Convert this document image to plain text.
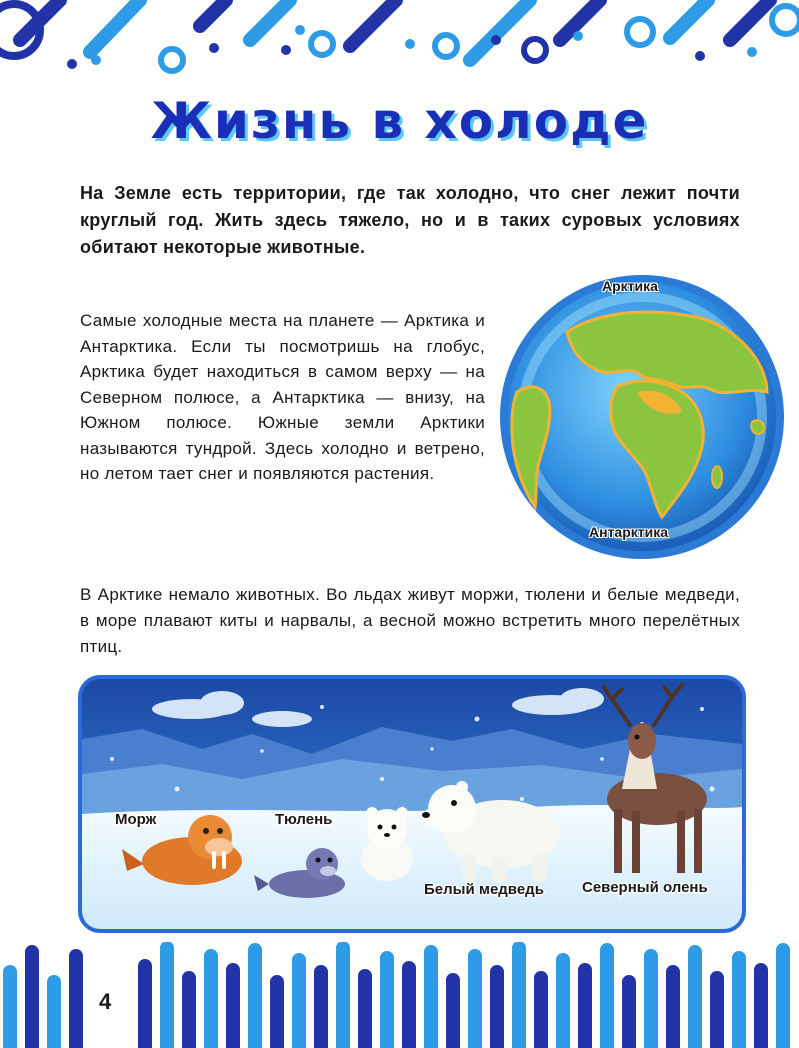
Жизнь в холоде
На Земле есть территории, где так холодно, что снег лежит почти круглый год. Жить здесь тяжело, но и в таких суровых условиях обитают некоторые животные.
Самые холодные места на планете — Арктика и Антарктика. Если ты посмотришь на глобус, Арктика будет находиться в самом верху — на Северном полюсе, а Антарктика — внизу, на Южном полюсе. Южные земли Арктики называются тундрой. Здесь холодно и ветрено, но летом тает снег и появляются растения.
Арктика
Антарктика
В Арктике немало животных. Во льдах живут моржи, тюлени и белые медведи, в море плавают киты и нарвалы, а весной можно встретить много перелётных птиц.
Морж	Тюлень
Белый медведь	Северный олень
4
